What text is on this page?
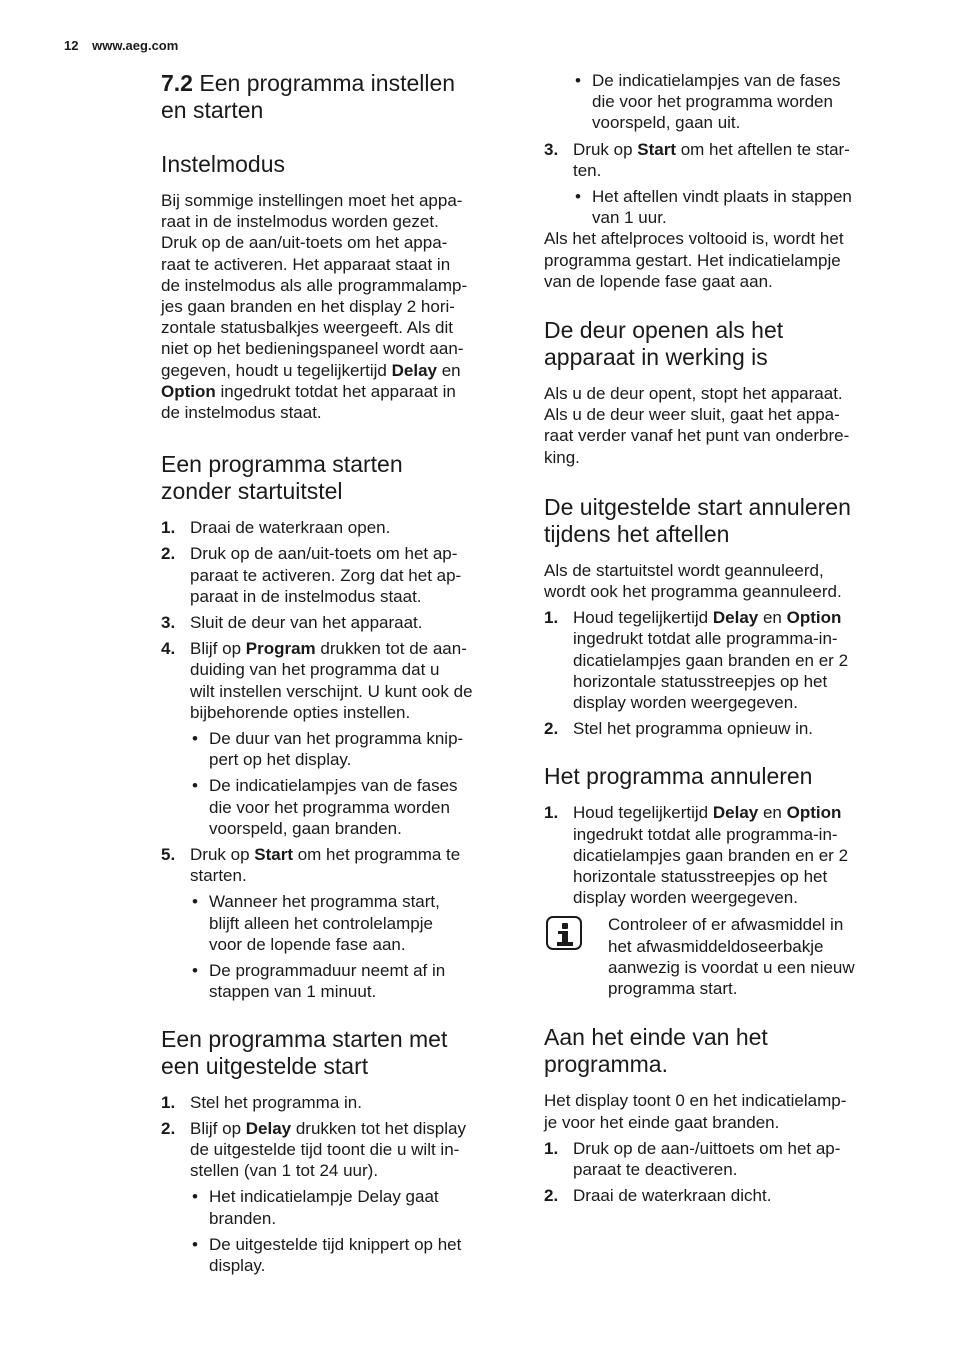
12 www.aeg.com
7.2 Een programma instellen
en starten
Instelmodus

Bij sommige instellingen moet het appa-
raat in de instelmodus worden gezet.
Druk op de aan/uit-toets om het appa-
raat te activeren. Het apparaat staat in
de instelmodus als alle programmalamp-
jes gaan branden en het display 2 hori-
zontale statusbalkjes weergeeft. Als dit
niet op het bedieningspaneel wordt aan-
gegeven, houdt u tegelijkertijd Delay en
Option ingedrukt totdat het apparaat in
de instelmodus staat.

Een programma starten
zonder startuitstel
1. Draai de waterkraan open.
2. Druk op de aan/uit-toets om het ap-
paraat te activeren. Zorg dat het ap-
paraat in de instelmodus staat.
3. Sluit de deur van het apparaat.
4. Blijf op Program drukken tot de aan-
duiding van het programma dat u
wilt instellen verschijnt. U kunt ook de
bijbehorende opties instellen.
• De duur van het programma knip-
pert op het display.
• De indicatielampjes van de fases
die voor het programma worden
voorspeld, gaan branden.
5. Druk op Start om het programma te
starten.
• Wanneer het programma start,
blijft alleen het controlelampje
voor de lopende fase aan.
• De programmaduur neemt af in
stappen van 1 minuut.
Een programma starten met
een uitgestelde start
1. Stel het programma in.
2. Blijf op Delay drukken tot het display
de uitgestelde tijd toont die u wilt in-
stellen (van 1 tot 24 uur).
• Het indicatielampje Delay gaat
branden.
• De uitgestelde tijd knippert op het
display.
• De indicatielampjes van de fases
die voor het programma worden
voorspeld, gaan uit.
3. Druk op Start om het aftellen te star-
ten.
• Het aftellen vindt plaats in stappen
van 1 uur.

Als het aftelproces voltooid is, wordt het
programma gestart. Het indicatielampje
van de lopende fase gaat aan.

De deur openen als het
apparaat in werking is

Als u de deur opent, stopt het apparaat.
Als u de deur weer sluit, gaat het appa-
raat verder vanaf het punt van onderbre-
king.

De uitgestelde start annuleren
tijdens het aftellen

Als de startuitstel wordt geannuleerd,
wordt ook het programma geannuleerd.

1. Houd tegelijkertijd Delay en Option
ingedrukt totdat alle programma-in-
dicatielampjes gaan branden en er 2
horizontale statusstreepjes op het
display worden weergegeven.
2. Stel het programma opnieuw in.
Het programma annuleren
1. Houd tegelijkertijd Delay en Option
ingedrukt totdat alle programma-in-
dicatielampjes gaan branden en er 2
horizontale statusstreepjes op het
display worden weergegeven.
Controleer of er afwasmiddel in
het afwasmiddeldoseerbakje
aanwezig is voordat u een nieuw
programma start.
Aan het einde van het
programma.

Het display toont 0 en het indicatielamp-
je voor het einde gaat branden.

1. Druk op de aan-/uittoets om het ap-
paraat te deactiveren.
2. Draai de waterkraan dicht.
